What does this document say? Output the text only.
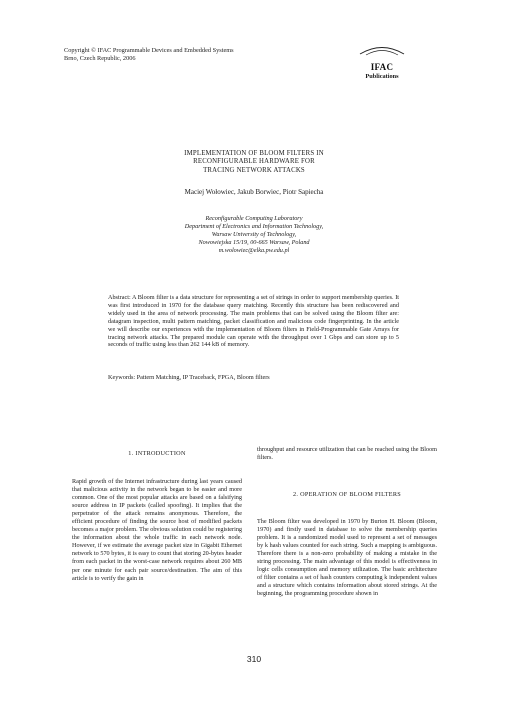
Copyright © IFAC Programmable Devices and Embedded Systems
Brno, Czech Republic, 2006
IFAC
Publications
IMPLEMENTATION OF BLOOM FILTERS IN
RECONFIGURABLE HARDWARE FOR
TRACING NETWORK ATTACKS
Maciej Wołowiec, Jakub Borwiec, Piotr Sapiecha
Reconfigurable Computing Laboratory
Department of Electronics and Information Technology,
Warsaw University of Technology,
Nowowiejska 15/19, 00-665 Warsaw, Poland
m.wolowiec@elka.pw.edu.pl
Abstract: A Bloom filter is a data structure for representing a set of strings in order to support membership queries. It was first introduced in 1970 for the database query matching. Recently this structure has been rediscovered and widely used in the area of network processing. The main problems that can be solved using the Bloom filter are: datagram inspection, multi pattern matching, packet classification and malicious code fingerprinting. In the article we will describe our experiences with the implementation of Bloom filters in Field-Programmable Gate Arrays for tracing network attacks. The prepared module can operate with the throughput over 1 Gbps and can store up to 5 seconds of traffic using less than 262 144 kB of memory.
Keywords: Pattern Matching, IP Traceback, FPGA, Bloom filters
1. INTRODUCTION

Rapid growth of the Internet infrastructure during last years caused that malicious activity in the network began to be easier and more common. One of the most popular attacks are based on a falsifying source address in IP packets (called spoofing). It implies that the perpetrator of the attack remains anonymous. Therefore, the efficient procedure of finding the source host of modified packets becomes a major problem. The obvious solution could be registering the information about the whole traffic in each network node. However, if we estimate the average packet size in Gigabit Ethernet network to 570 bytes, it is easy to count that storing 20-bytes header from each packet in the worst-case network requires about 260 MB per one minute for each pair source/destination. The aim of this article is to verify the gain in

throughput and resource utilization that can be reached using the Bloom filters.

2. OPERATION OF BLOOM FILTERS

The Bloom filter was developed in 1970 by Burton H. Bloom (Bloom, 1970) and firstly used in database to solve the membership queries problem. It is a randomized model used to represent a set of messages by k hash values counted for each string. Such a mapping is ambiguous. Therefore there is a non-zero probability of making a mistake in the string processing. The main advantage of this model is effectiveness in logic cells consumption and memory utilization. The basic architecture of filter contains a set of hash counters computing k independent values and a structure which contains information about stored strings. At the beginning, the programming procedure shown in

310
